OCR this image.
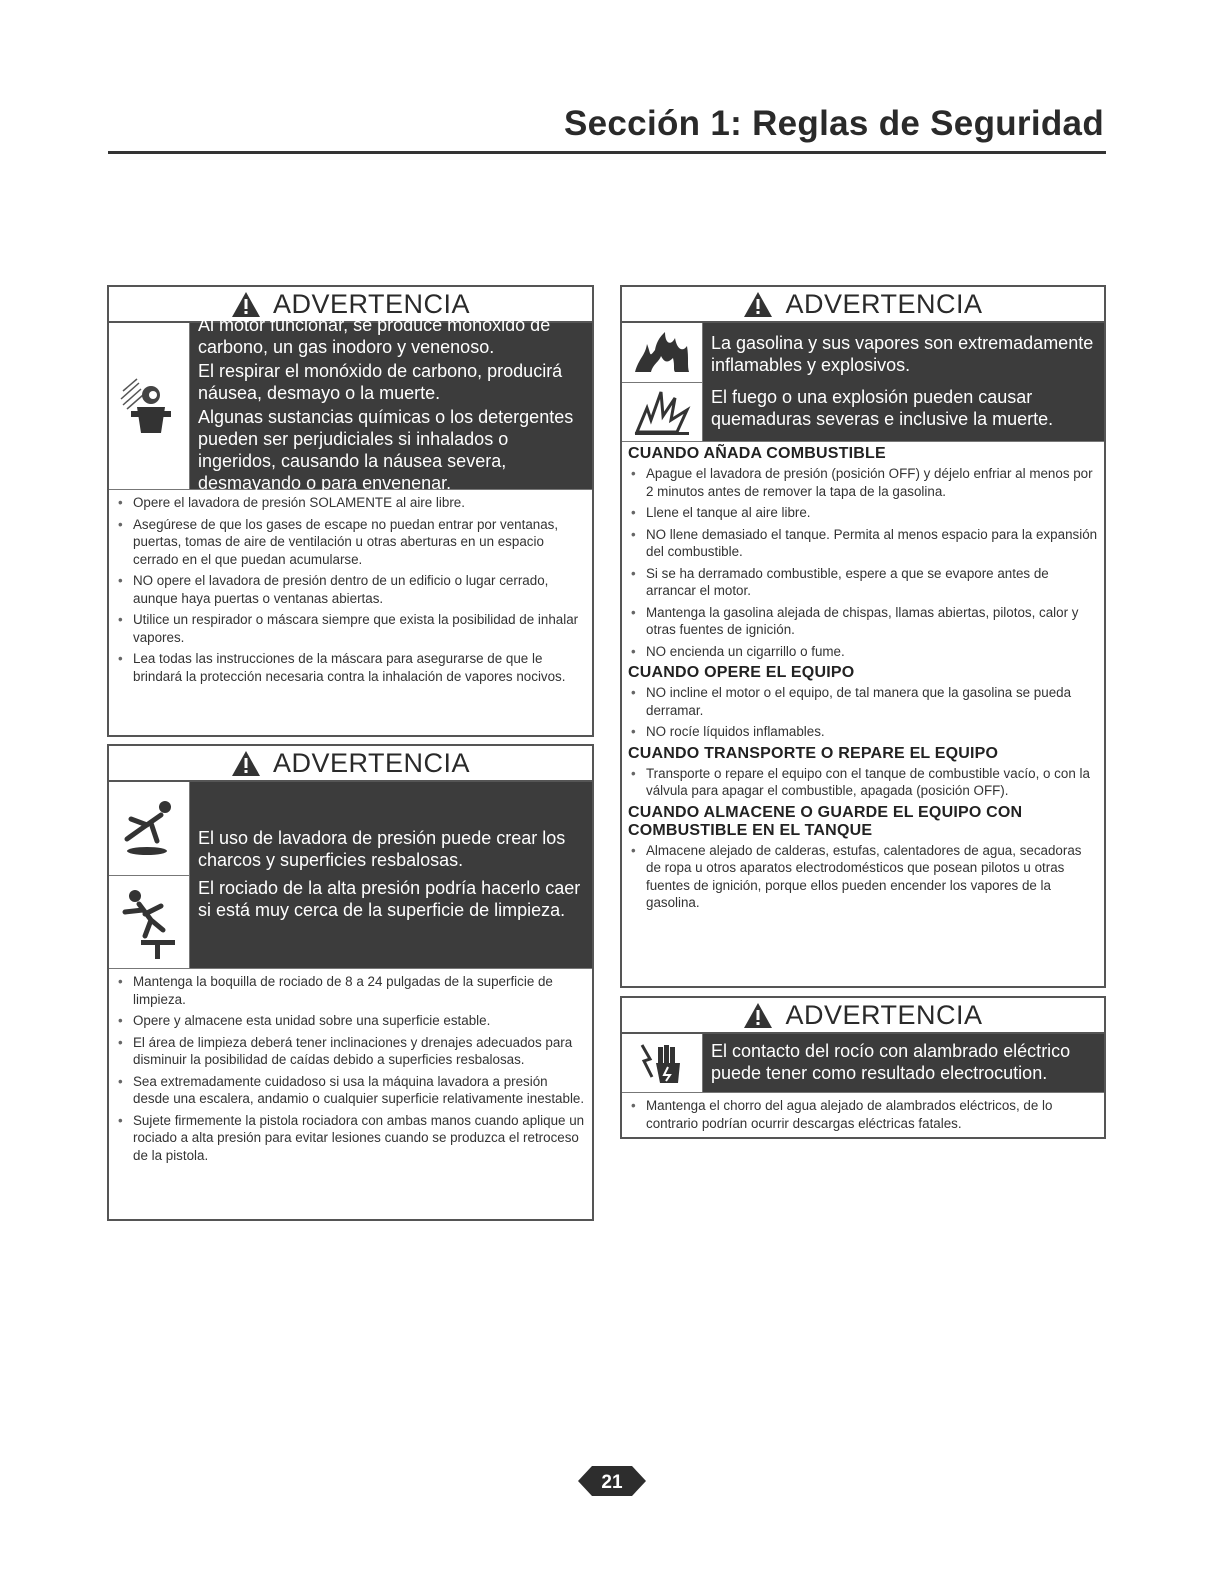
Sección 1: Reglas de Seguridad
ADVERTENCIA

Al motor funcionar, se produce monóxido de carbono, un gas inodoro y venenoso.

El respirar el monóxido de carbono, producirá náusea, desmayo o la muerte.

Algunas sustancias químicas o los detergentes pueden ser perjudiciales si inhalados o ingeridos, causando la náusea severa, desmayando o para envenenar.

• Opere el lavadora de presión SOLAMENTE al aire libre.
• Asegúrese de que los gases de escape no puedan entrar por ventanas, puertas, tomas de aire de ventilación u otras aberturas en un espacio cerrado en el que puedan acumularse.
• NO opere el lavadora de presión dentro de un edificio o lugar cerrado, aunque haya puertas o ventanas abiertas.
• Utilice un respirador o máscara siempre que exista la posibilidad de inhalar vapores.
• Lea todas las instrucciones de la máscara para asegurarse de que le brindará la protección necesaria contra la inhalación de vapores nocivos.
ADVERTENCIA

El uso de lavadora de presión puede crear los charcos y superficies resbalosas.

El rociado de la alta presión podría hacerlo caer si está muy cerca de la superficie de limpieza.

• Mantenga la boquilla de rociado de 8 a 24 pulgadas de la superficie de limpieza.
• Opere y almacene esta unidad sobre una superficie estable.
• El área de limpieza deberá tener inclinaciones y drenajes adecuados para disminuir la posibilidad de caídas debido a superficies resbalosas.
• Sea extremadamente cuidadoso si usa la máquina lavadora a presión desde una escalera, andamio o cualquier superficie relativamente inestable.
• Sujete firmemente la pistola rociadora con ambas manos cuando aplique un rociado a alta presión para evitar lesiones cuando se produzca el retroceso de la pistola.
ADVERTENCIA

La gasolina y sus vapores son extremadamente inflamables y explosivos.

El fuego o una explosión pueden causar quemaduras severas e inclusive la muerte.

CUANDO AÑADA COMBUSTIBLE
• Apague el lavadora de presión (posición OFF) y déjelo enfriar al menos por 2 minutos antes de remover la tapa de la gasolina.
• Llene el tanque al aire libre.
• NO llene demasiado el tanque. Permita al menos espacio para la expansión del combustible.
• Si se ha derramado combustible, espere a que se evapore antes de arrancar el motor.
• Mantenga la gasolina alejada de chispas, llamas abiertas, pilotos, calor y otras fuentes de ignición.
• NO encienda un cigarrillo o fume.
CUANDO OPERE EL EQUIPO
• NO incline el motor o el equipo, de tal manera que la gasolina se pueda derramar.
• NO rocíe líquidos inflamables.
CUANDO TRANSPORTE O REPARE EL EQUIPO
• Transporte o repare el equipo con el tanque de combustible vacío, o con la válvula para apagar el combustible, apagada (posición OFF).
CUANDO ALMACENE O GUARDE EL EQUIPO CON COMBUSTIBLE EN EL TANQUE
• Almacene alejado de calderas, estufas, calentadores de agua, secadoras de ropa u otros aparatos electrodomésticos que posean pilotos u otras fuentes de ignición, porque ellos pueden encender los vapores de la gasolina.
ADVERTENCIA

El contacto del rocío con alambrado eléctrico puede tener como resultado electrocution.

• Mantenga el chorro del agua alejado de alambrados eléctricos, de lo contrario podrían ocurrir descargas eléctricas fatales.
21
